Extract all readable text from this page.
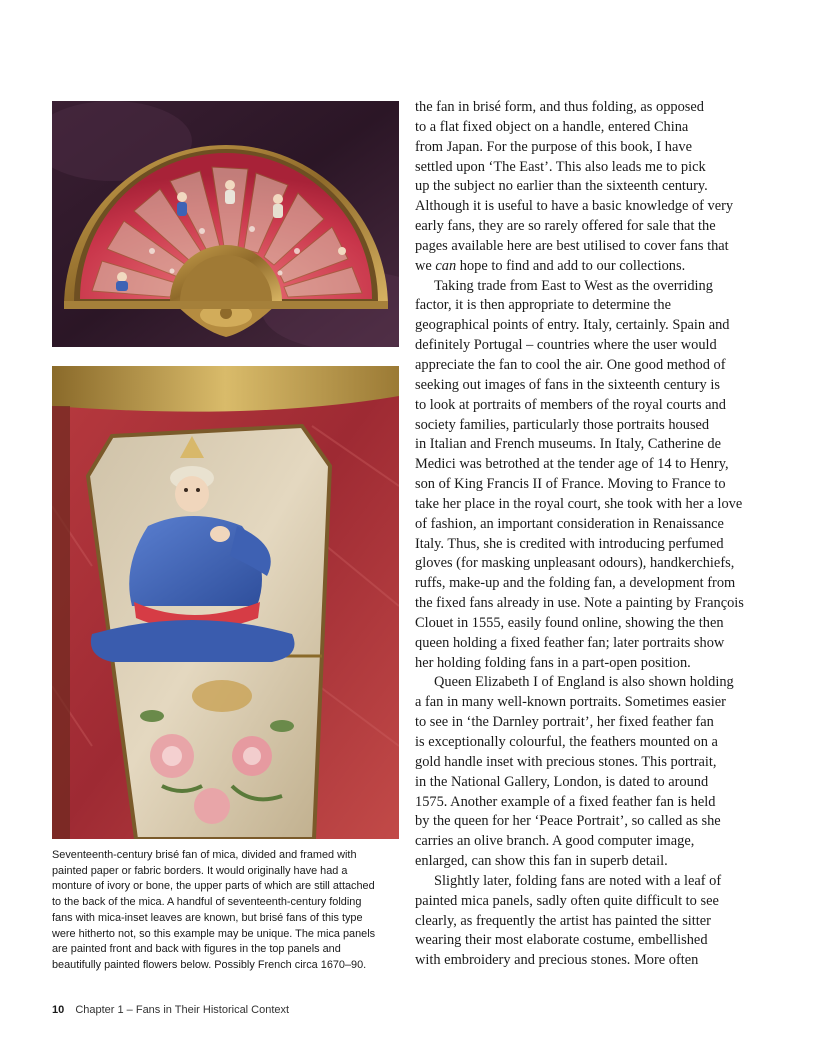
Seventeenth-century brisé fan of mica, divided and framed with
painted paper or fabric borders. It would originally have had a
monture of ivory or bone, the upper parts of which are still attached
to the back of the mica. A handful of seventeenth-century folding
fans with mica-inset leaves are known, but brisé fans of this type
were hitherto not, so this example may be unique. The mica panels
are painted front and back with figures in the top panels and
beautifully painted flowers below. Possibly French circa 1670–90.
the fan in brisé form, and thus folding, as opposed
to a flat fixed object on a handle, entered China
from Japan. For the purpose of this book, I have
settled upon ‘The East’. This also leads me to pick
up the subject no earlier than the sixteenth century.
Although it is useful to have a basic knowledge of very
early fans, they are so rarely offered for sale that the
pages available here are best utilised to cover fans that
we can hope to find and add to our collections.
Taking trade from East to West as the overriding
factor, it is then appropriate to determine the
geographical points of entry. Italy, certainly. Spain and
definitely Portugal – countries where the user would
appreciate the fan to cool the air. One good method of
seeking out images of fans in the sixteenth century is
to look at portraits of members of the royal courts and
society families, particularly those portraits housed
in Italian and French museums. In Italy, Catherine de
Medici was betrothed at the tender age of 14 to Henry,
son of King Francis II of France. Moving to France to
take her place in the royal court, she took with her a love
of fashion, an important consideration in Renaissance
Italy. Thus, she is credited with introducing perfumed
gloves (for masking unpleasant odours), handkerchiefs,
ruffs, make-up and the folding fan, a development from
the fixed fans already in use. Note a painting by François
Clouet in 1555, easily found online, showing the then
queen holding a fixed feather fan; later portraits show
her holding folding fans in a part-open position.
Queen Elizabeth I of England is also shown holding
a fan in many well-known portraits. Sometimes easier
to see in ‘the Darnley portrait’, her fixed feather fan
is exceptionally colourful, the feathers mounted on a
gold handle inset with precious stones. This portrait,
in the National Gallery, London, is dated to around
1575. Another example of a fixed feather fan is held
by the queen for her ‘Peace Portrait’, so called as she
carries an olive branch. A good computer image,
enlarged, can show this fan in superb detail.
Slightly later, folding fans are noted with a leaf of
painted mica panels, sadly often quite difficult to see
clearly, as frequently the artist has painted the sitter
wearing their most elaborate costume, embellished
with embroidery and precious stones. More often
10 Chapter 1 – Fans in Their Historical Context
